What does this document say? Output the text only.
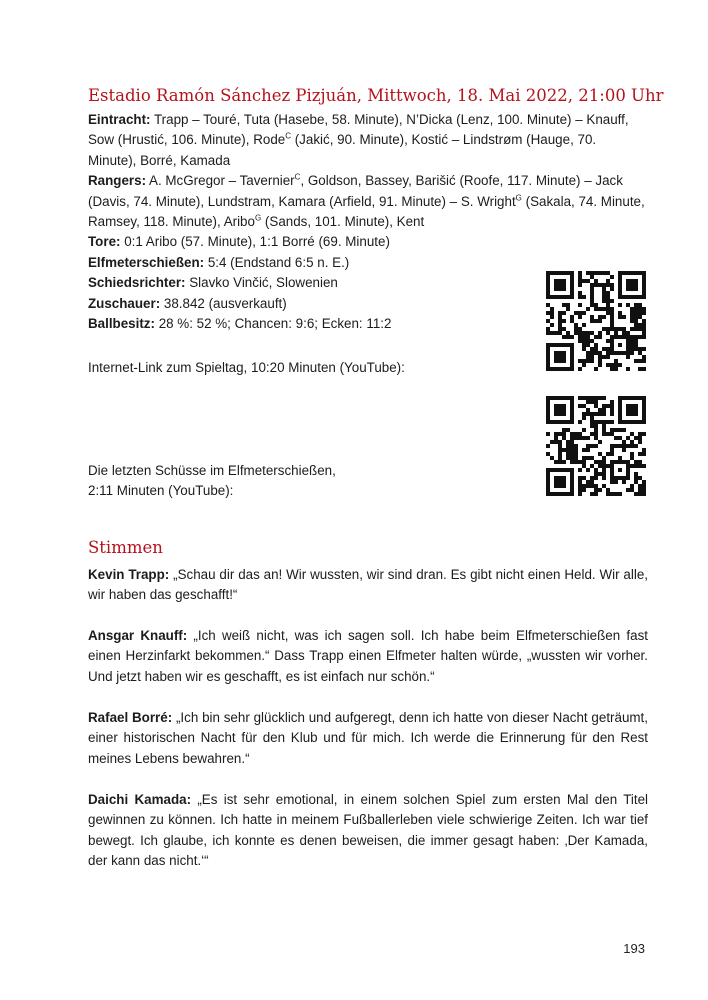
Estadio Ramón Sánchez Pizjuán, Mittwoch, 18. Mai 2022, 21:00 Uhr

Eintracht: Trapp – Touré, Tuta (Hasebe, 58. Minute), N’Dicka (Lenz, 100. Minute) – Knauff, Sow (Hrustić, 106. Minute), Rode$^C$ (Jakić, 90. Minute), Kostić – Lindstrøm (Hauge, 70. Minute), Borré, Kamada

Rangers: A. McGregor – Tavernier$^C$, Goldson, Bassey, Barišić (Roofe, 117. Minute) – Jack (Davis, 74. Minute), Lundstram, Kamara (Arfield, 91. Minute) – S. Wright$^G$ (Sakala, 74. Minute, Ramsey, 118. Minute), Aribo$^G$ (Sands, 101. Minute), Kent

Tore: 0:1 Aribo (57. Minute), 1:1 Borré (69. Minute)

Elfmeterschießen: 5:4 (Endstand 6:5 n. E.)

Schiedsrichter: Slavko Vinčić, Slowenien

Zuschauer: 38.842 (ausverkauft)

Ballbesitz: 28 %: 52 %; Chancen: 9:6; Ecken: 11:2

Internet-Link zum Spieltag, 10:20 Minuten (YouTube):

Die letzten Schüsse im Elfmeterschießen,

2:11 Minuten (YouTube):

Stimmen

Kevin Trapp: „Schau dir das an! Wir wussten, wir sind dran. Es gibt nicht einen Held. Wir alle, wir haben das geschafft!“

Ansgar Knauff: „Ich weiß nicht, was ich sagen soll. Ich habe beim Elfmeterschießen fast einen Herzinfarkt bekommen.“ Dass Trapp einen Elfmeter halten würde, „wussten wir vorher. Und jetzt haben wir es geschafft, es ist einfach nur schön.“

Rafael Borré: „Ich bin sehr glücklich und aufgeregt, denn ich hatte von dieser Nacht geträumt, einer historischen Nacht für den Klub und für mich. Ich werde die Erinnerung für den Rest meines Lebens bewahren.“

Daichi Kamada: „Es ist sehr emotional, in einem solchen Spiel zum ersten Mal den Titel gewinnen zu können. Ich hatte in meinem Fußballerleben viele schwierige Zeiten. Ich war tief bewegt. Ich glaube, ich konnte es denen beweisen, die immer gesagt haben: ‚Der Kamada, der kann das nicht.‘“

193
